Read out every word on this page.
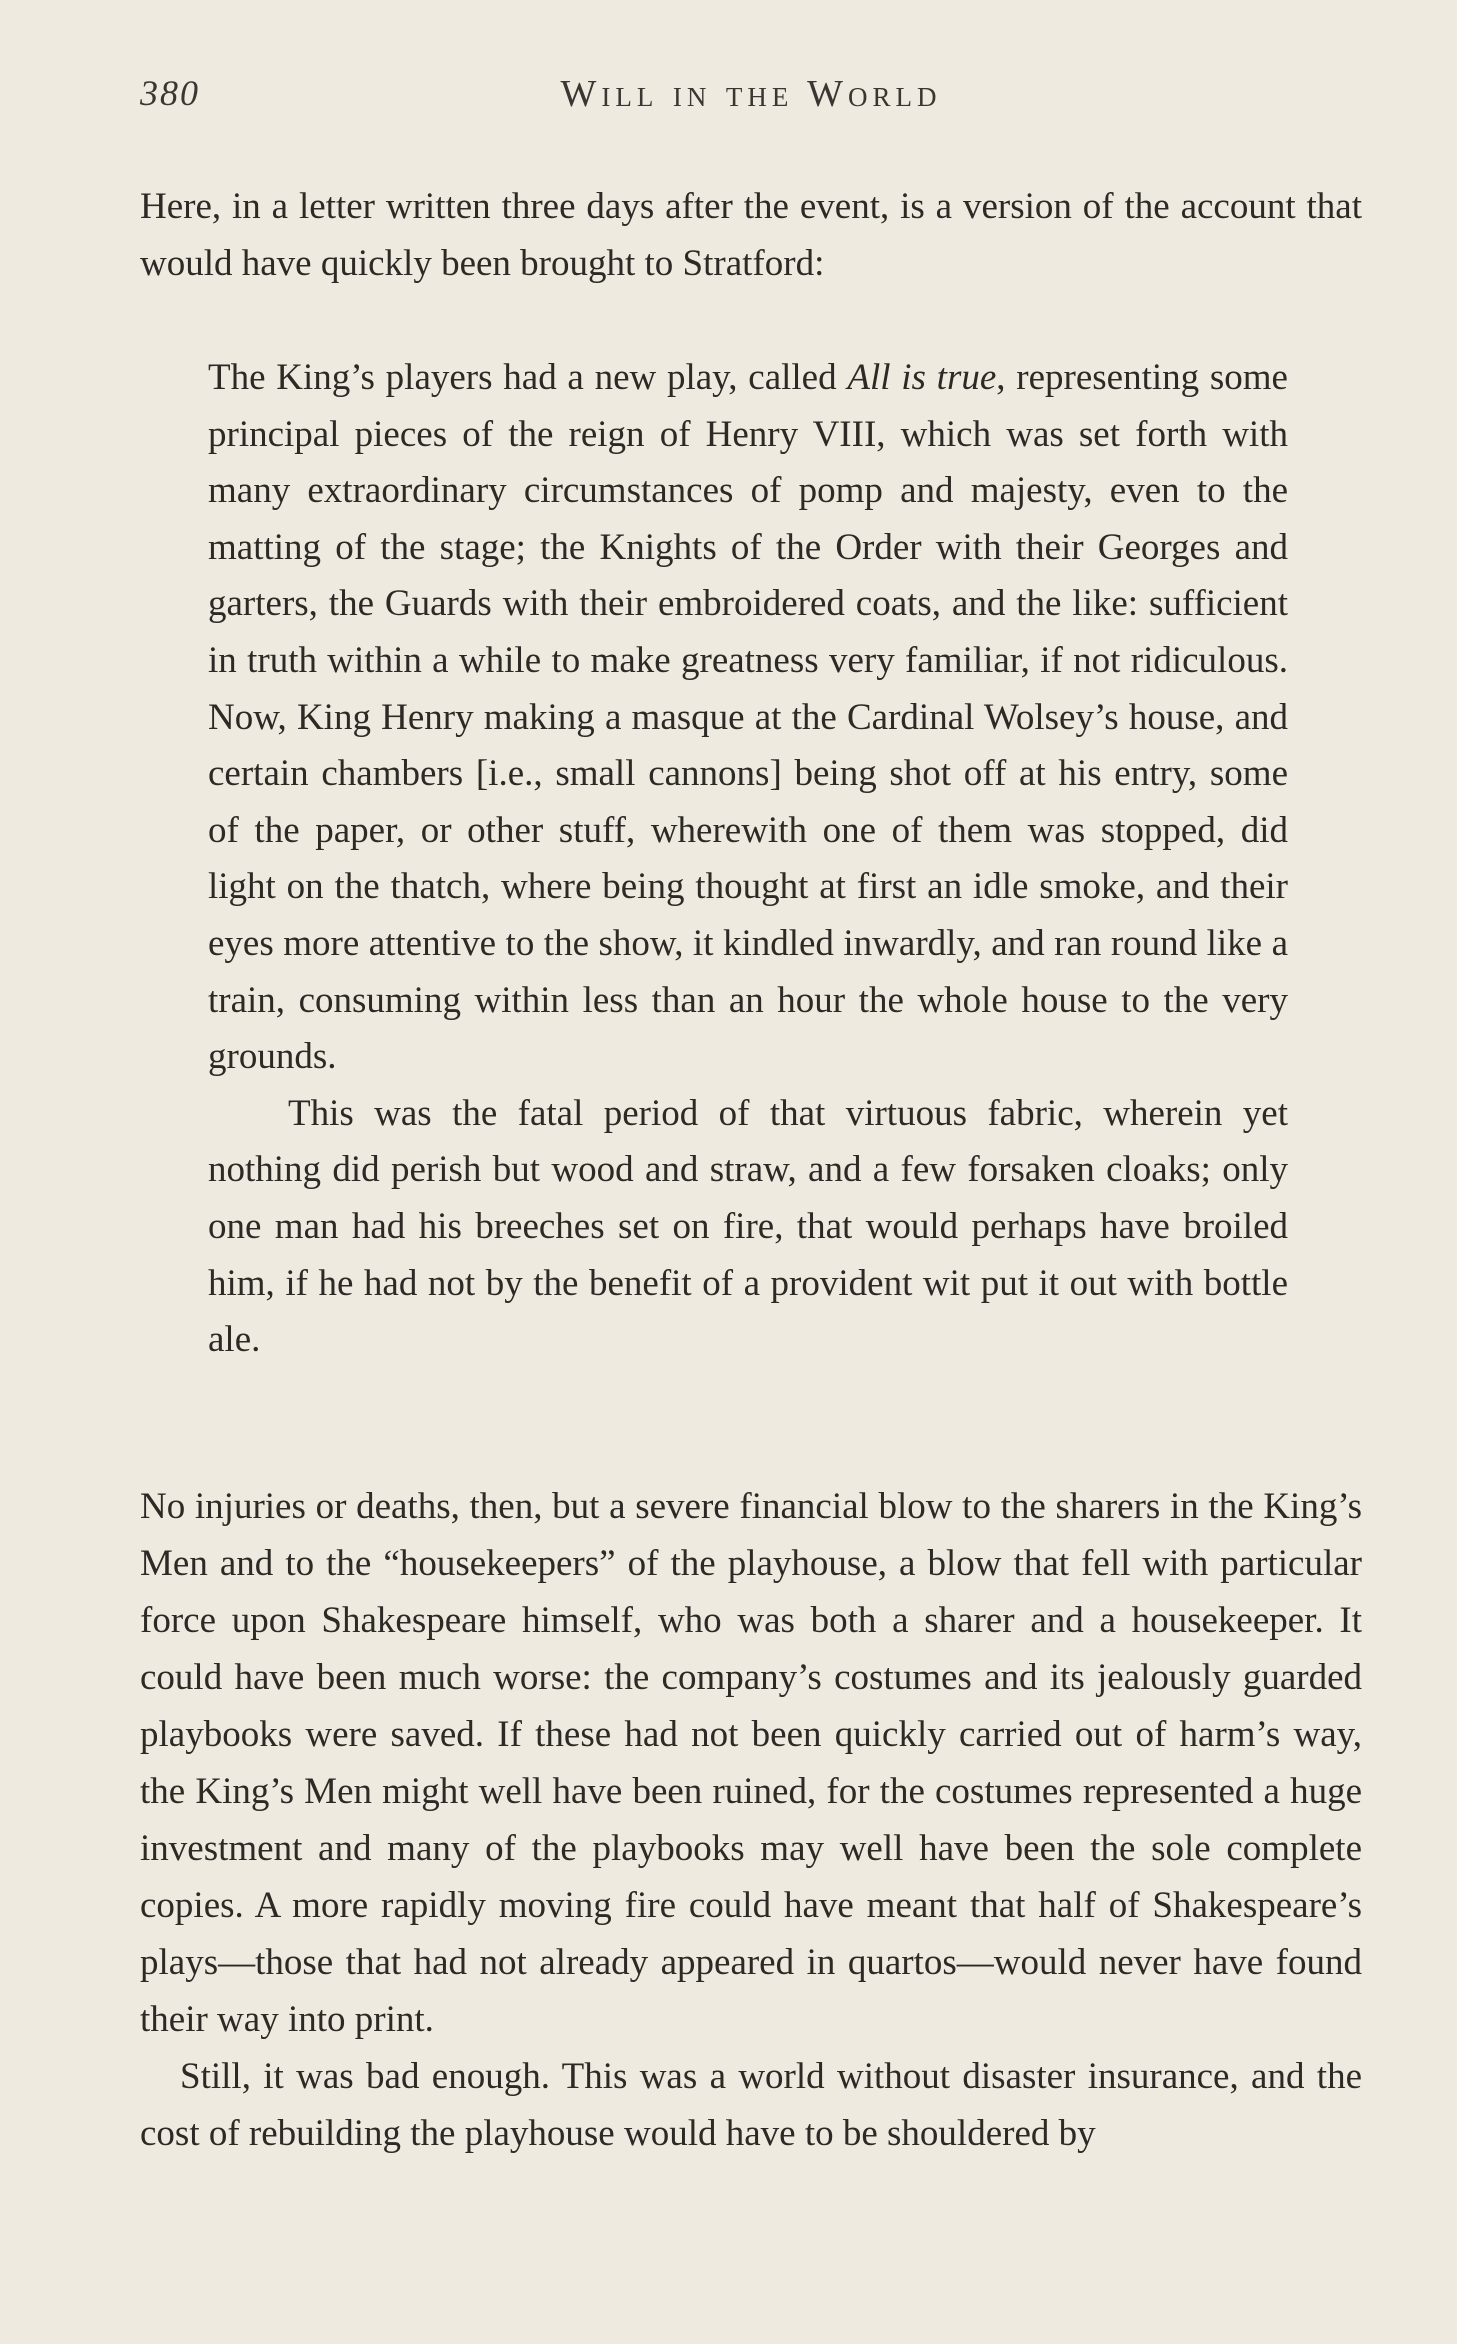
380	Will in the World

Here, in a letter written three days after the event, is a version of the account that would have quickly been brought to Stratford:

The King’s players had a new play, called All is true, representing some principal pieces of the reign of Henry VIII, which was set forth with many extraordinary circumstances of pomp and majesty, even to the matting of the stage; the Knights of the Order with their Georges and garters, the Guards with their embroidered coats, and the like: sufficient in truth within a while to make greatness very familiar, if not ridiculous. Now, King Henry making a masque at the Cardinal Wolsey’s house, and certain chambers [i.e., small cannons] being shot off at his entry, some of the paper, or other stuff, wherewith one of them was stopped, did light on the thatch, where being thought at first an idle smoke, and their eyes more attentive to the show, it kindled inwardly, and ran round like a train, consuming within less than an hour the whole house to the very grounds.

This was the fatal period of that virtuous fabric, wherein yet nothing did perish but wood and straw, and a few forsaken cloaks; only one man had his breeches set on fire, that would perhaps have broiled him, if he had not by the benefit of a provident wit put it out with bottle ale.

No injuries or deaths, then, but a severe financial blow to the sharers in the King’s Men and to the “housekeepers” of the playhouse, a blow that fell with particular force upon Shakespeare himself, who was both a sharer and a housekeeper. It could have been much worse: the company’s costumes and its jealously guarded playbooks were saved. If these had not been quickly carried out of harm’s way, the King’s Men might well have been ruined, for the costumes represented a huge investment and many of the playbooks may well have been the sole complete copies. A more rapidly moving fire could have meant that half of Shakespeare’s plays—those that had not already appeared in quartos—would never have found their way into print.

Still, it was bad enough. This was a world without disaster insurance, and the cost of rebuilding the playhouse would have to be shouldered by
